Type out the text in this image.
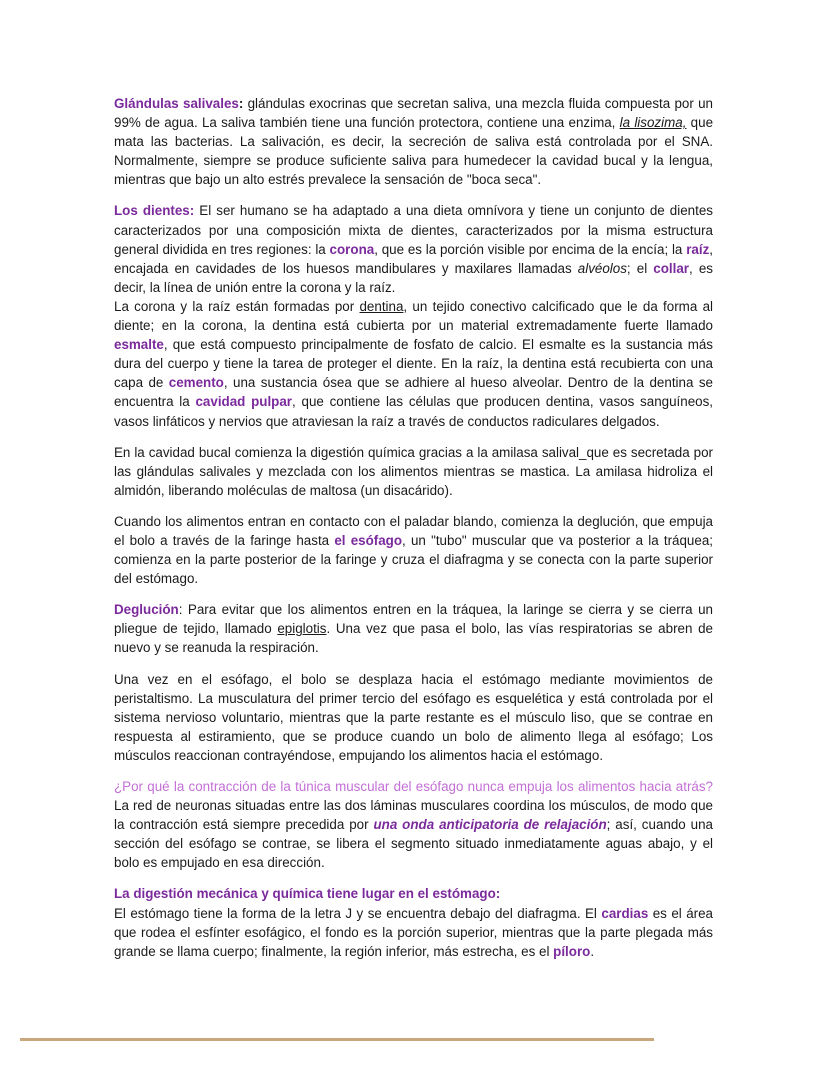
Glándulas salivales: glándulas exocrinas que secretan saliva, una mezcla fluida compuesta por un 99% de agua. La saliva también tiene una función protectora, contiene una enzima, la lisozima, que mata las bacterias. La salivación, es decir, la secreción de saliva está controlada por el SNA. Normalmente, siempre se produce suficiente saliva para humedecer la cavidad bucal y la lengua, mientras que bajo un alto estrés prevalece la sensación de "boca seca".

Los dientes: El ser humano se ha adaptado a una dieta omnívora y tiene un conjunto de dientes caracterizados por una composición mixta de dientes, caracterizados por la misma estructura general dividida en tres regiones: la corona, que es la porción visible por encima de la encía; la raíz, encajada en cavidades de los huesos mandibulares y maxilares llamadas alvéolos; el collar, es decir, la línea de unión entre la corona y la raíz.

La corona y la raíz están formadas por dentina, un tejido conectivo calcificado que le da forma al diente; en la corona, la dentina está cubierta por un material extremadamente fuerte llamado esmalte, que está compuesto principalmente de fosfato de calcio. El esmalte es la sustancia más dura del cuerpo y tiene la tarea de proteger el diente. En la raíz, la dentina está recubierta con una capa de cemento, una sustancia ósea que se adhiere al hueso alveolar. Dentro de la dentina se encuentra la cavidad pulpar, que contiene las células que producen dentina, vasos sanguíneos, vasos linfáticos y nervios que atraviesan la raíz a través de conductos radiculares delgados.

En la cavidad bucal comienza la digestión química gracias a la amilasa salival_que es secretada por las glándulas salivales y mezclada con los alimentos mientras se mastica. La amilasa hidroliza el almidón, liberando moléculas de maltosa (un disacárido).

Cuando los alimentos entran en contacto con el paladar blando, comienza la deglución, que empuja el bolo a través de la faringe hasta el esófago, un "tubo" muscular que va posterior a la tráquea; comienza en la parte posterior de la faringe y cruza el diafragma y se conecta con la parte superior del estómago.

Deglución: Para evitar que los alimentos entren en la tráquea, la laringe se cierra y se cierra un pliegue de tejido, llamado epiglotis. Una vez que pasa el bolo, las vías respiratorias se abren de nuevo y se reanuda la respiración.

Una vez en el esófago, el bolo se desplaza hacia el estómago mediante movimientos de peristaltismo. La musculatura del primer tercio del esófago es esquelética y está controlada por el sistema nervioso voluntario, mientras que la parte restante es el músculo liso, que se contrae en respuesta al estiramiento, que se produce cuando un bolo de alimento llega al esófago; Los músculos reaccionan contrayéndose, empujando los alimentos hacia el estómago.

¿Por qué la contracción de la túnica muscular del esófago nunca empuja los alimentos hacia atrás? La red de neuronas situadas entre las dos láminas musculares coordina los músculos, de modo que la contracción está siempre precedida por una onda anticipatoria de relajación; así, cuando una sección del esófago se contrae, se libera el segmento situado inmediatamente aguas abajo, y el bolo es empujado en esa dirección.

La digestión mecánica y química tiene lugar en el estómago:

El estómago tiene la forma de la letra J y se encuentra debajo del diafragma. El cardias es el área que rodea el esfínter esofágico, el fondo es la porción superior, mientras que la parte plegada más grande se llama cuerpo; finalmente, la región inferior, más estrecha, es el píloro.
